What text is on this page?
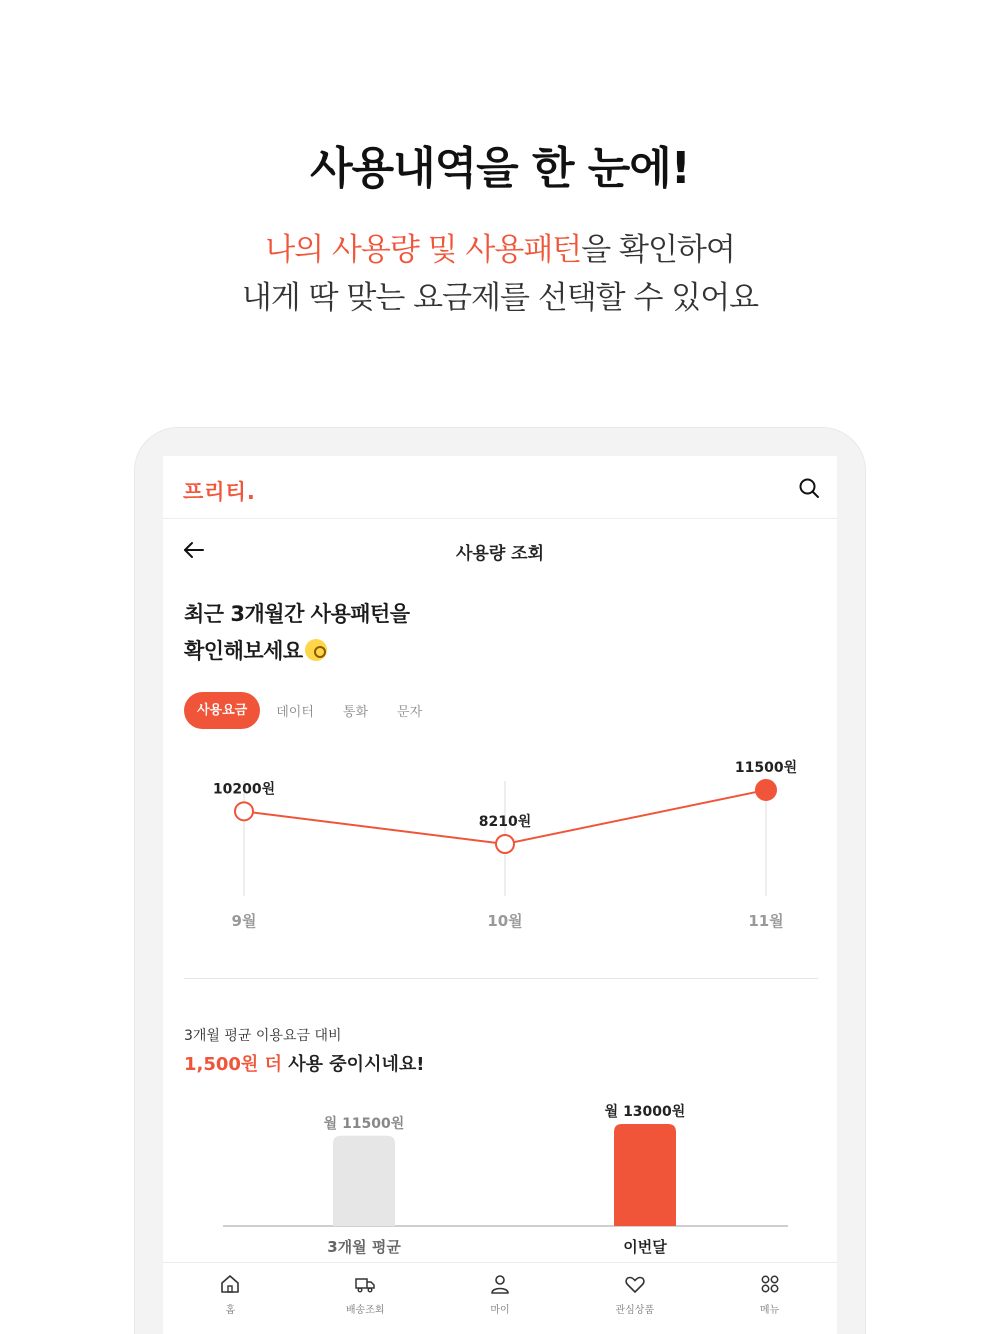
사용내역을 한 눈에!
나의 사용량 및 사용패턴을 확인하여
내게 딱 맞는 요금제를 선택할 수 있어요
프리티.
사용량 조회
최근 3개월간 사용패턴을
확인해보세요
사용요금	데이터 통화 문자
10200원
9월
8210원
10월
11500원
11월
3개월 평균 이용요금 대비
1,500원 더 사용 중이시네요!
월 11500원
3개월 평균
월 13000원
이번달
홈	배송조회	마이	관심상품	메뉴
